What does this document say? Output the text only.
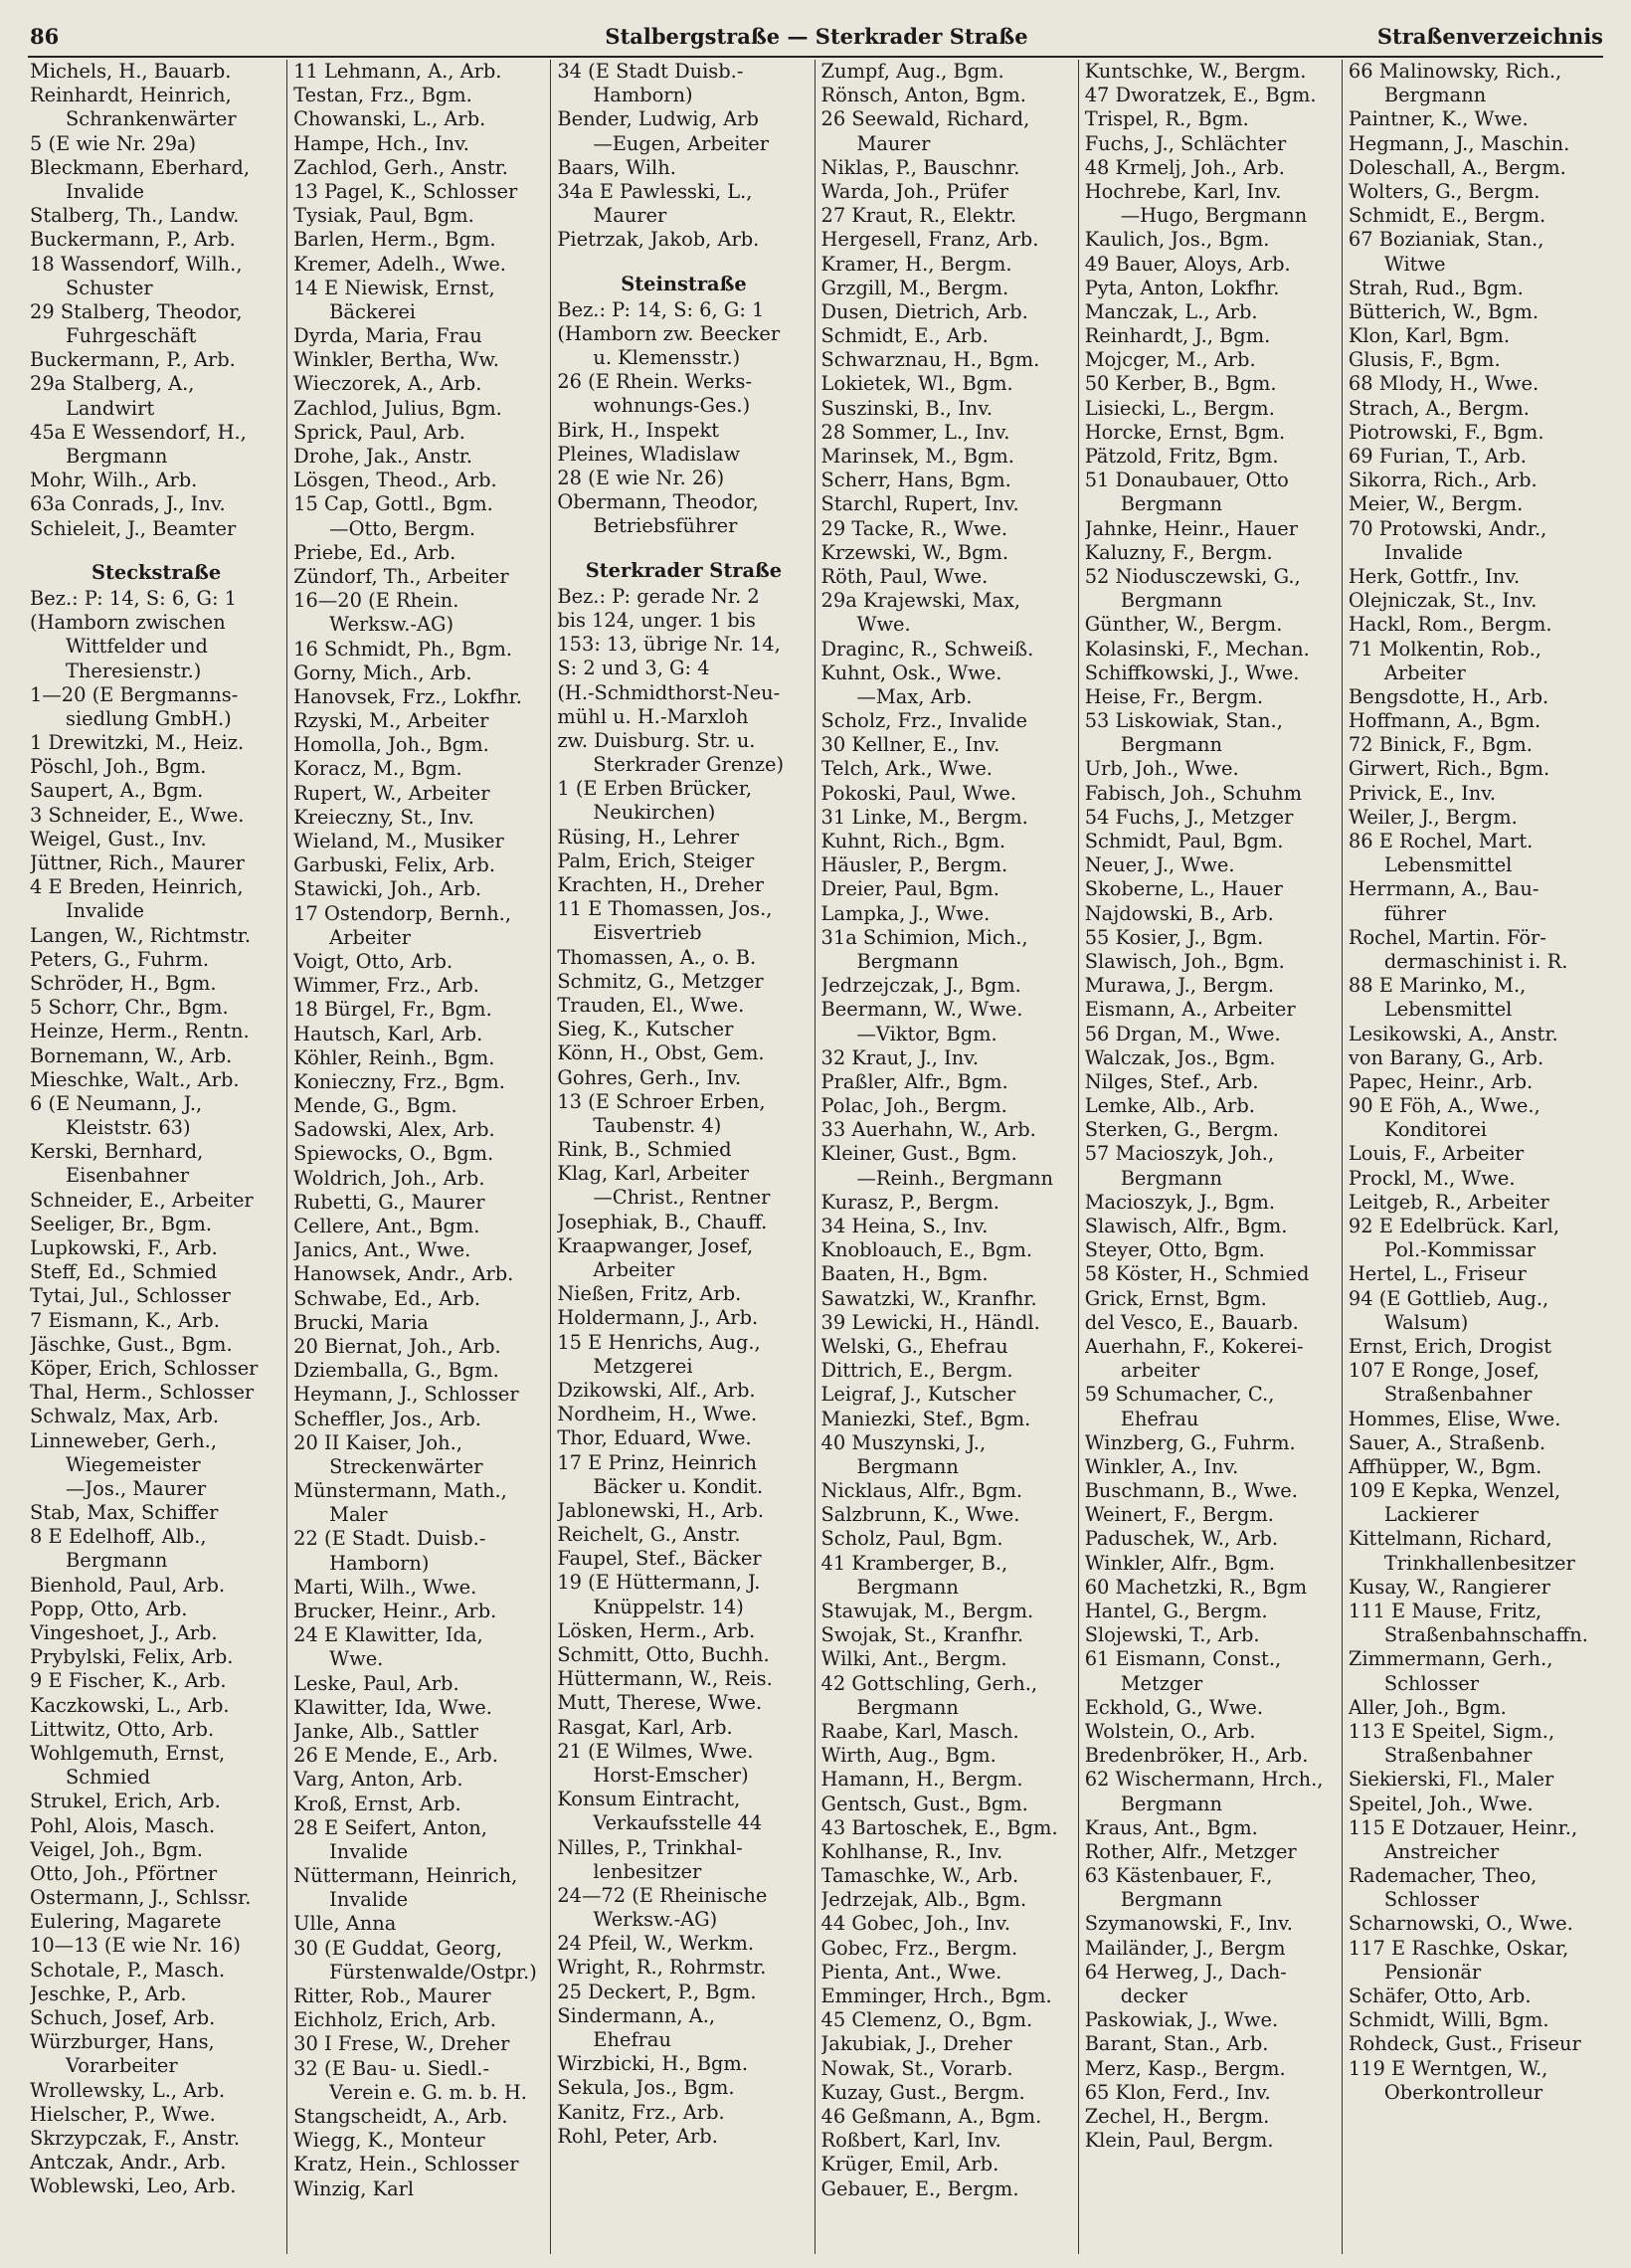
86	Stalbergstraße — Sterkrader Straße	Straßenverzeichnis
Michels, H., Bauarb.
Reinhardt, Heinrich,
Schrankenwärter
5 (E wie Nr. 29a)
Bleckmann, Eberhard,
Invalide
Stalberg, Th., Landw.
Buckermann, P., Arb.
18 Wassendorf, Wilh.,
Schuster
29 Stalberg, Theodor,
Fuhrgeschäft
Buckermann, P., Arb.
29a Stalberg, A.,
Landwirt
45a E Wessendorf, H.,
Bergmann
Mohr, Wilh., Arb.
63a Conrads, J., Inv.
Schieleit, J., Beamter
Steckstraße
Bez.: P: 14, S: 6, G: 1
(Hamborn zwischen
Wittfelder und
Theresienstr.)
1—20 (E Bergmanns-
siedlung GmbH.)
1 Drewitzki, M., Heiz.
Pöschl, Joh., Bgm.
Saupert, A., Bgm.
3 Schneider, E., Wwe.
Weigel, Gust., Inv.
Jüttner, Rich., Maurer
4 E Breden, Heinrich,
Invalide
Langen, W., Richtmstr.
Peters, G., Fuhrm.
Schröder, H., Bgm.
5 Schorr, Chr., Bgm.
Heinze, Herm., Rentn.
Bornemann, W., Arb.
Mieschke, Walt., Arb.
6 (E Neumann, J.,
Kleiststr. 63)
Kerski, Bernhard,
Eisenbahner
Schneider, E., Arbeiter
Seeliger, Br., Bgm.
Lupkowski, F., Arb.
Steff, Ed., Schmied
Tytai, Jul., Schlosser
7 Eismann, K., Arb.
Jäschke, Gust., Bgm.
Köper, Erich, Schlosser
Thal, Herm., Schlosser
Schwalz, Max, Arb.
Linneweber, Gerh.,
Wiegemeister
—Jos., Maurer
Stab, Max, Schiffer
8 E Edelhoff, Alb.,
Bergmann
Bienhold, Paul, Arb.
Popp, Otto, Arb.
Vingeshoet, J., Arb.
Prybylski, Felix, Arb.
9 E Fischer, K., Arb.
Kaczkowski, L., Arb.
Littwitz, Otto, Arb.
Wohlgemuth, Ernst,
Schmied
Strukel, Erich, Arb.
Pohl, Alois, Masch.
Veigel, Joh., Bgm.
Otto, Joh., Pförtner
Ostermann, J., Schlssr.
Eulering, Magarete
10—13 (E wie Nr. 16)
Schotale, P., Masch.
Jeschke, P., Arb.
Schuch, Josef, Arb.
Würzburger, Hans,
Vorarbeiter
Wrollewsky, L., Arb.
Hielscher, P., Wwe.
Skrzypczak, F., Anstr.
Antczak, Andr., Arb.
Woblewski, Leo, Arb.
11 Lehmann, A., Arb.
Testan, Frz., Bgm.
Chowanski, L., Arb.
Hampe, Hch., Inv.
Zachlod, Gerh., Anstr.
13 Pagel, K., Schlosser
Tysiak, Paul, Bgm.
Barlen, Herm., Bgm.
Kremer, Adelh., Wwe.
14 E Niewisk, Ernst,
Bäckerei
Dyrda, Maria, Frau
Winkler, Bertha, Ww.
Wieczorek, A., Arb.
Zachlod, Julius, Bgm.
Sprick, Paul, Arb.
Drohe, Jak., Anstr.
Lösgen, Theod., Arb.
15 Cap, Gottl., Bgm.
—Otto, Bergm.
Priebe, Ed., Arb.
Zündorf, Th., Arbeiter
16—20 (E Rhein.
Werksw.-AG)
16 Schmidt, Ph., Bgm.
Gorny, Mich., Arb.
Hanovsek, Frz., Lokfhr.
Rzyski, M., Arbeiter
Homolla, Joh., Bgm.
Koracz, M., Bgm.
Rupert, W., Arbeiter
Kreieczny, St., Inv.
Wieland, M., Musiker
Garbuski, Felix, Arb.
Stawicki, Joh., Arb.
17 Ostendorp, Bernh.,
Arbeiter
Voigt, Otto, Arb.
Wimmer, Frz., Arb.
18 Bürgel, Fr., Bgm.
Hautsch, Karl, Arb.
Köhler, Reinh., Bgm.
Konieczny, Frz., Bgm.
Mende, G., Bgm.
Sadowski, Alex, Arb.
Spiewocks, O., Bgm.
Woldrich, Joh., Arb.
Rubetti, G., Maurer
Cellere, Ant., Bgm.
Janics, Ant., Wwe.
Hanowsek, Andr., Arb.
Schwabe, Ed., Arb.
Brucki, Maria
20 Biernat, Joh., Arb.
Dziemballa, G., Bgm.
Heymann, J., Schlosser
Scheffler, Jos., Arb.
20 II Kaiser, Joh.,
Streckenwärter
Münstermann, Math.,
Maler
22 (E Stadt. Duisb.-
Hamborn)
Marti, Wilh., Wwe.
Brucker, Heinr., Arb.
24 E Klawitter, Ida,
Wwe.
Leske, Paul, Arb.
Klawitter, Ida, Wwe.
Janke, Alb., Sattler
26 E Mende, E., Arb.
Varg, Anton, Arb.
Kroß, Ernst, Arb.
28 E Seifert, Anton,
Invalide
Nüttermann, Heinrich,
Invalide
Ulle, Anna
30 (E Guddat, Georg,
Fürstenwalde/Ostpr.)
Ritter, Rob., Maurer
Eichholz, Erich, Arb.
30 I Frese, W., Dreher
32 (E Bau- u. Siedl.-
Verein e. G. m. b. H.
Stangscheidt, A., Arb.
Wiegg, K., Monteur
Kratz, Hein., Schlosser
Winzig, Karl
34 (E Stadt Duisb.-
Hamborn)
Bender, Ludwig, Arb
—Eugen, Arbeiter
Baars, Wilh.
34a E Pawlesski, L.,
Maurer
Pietrzak, Jakob, Arb.
Steinstraße
Bez.: P: 14, S: 6, G: 1
(Hamborn zw. Beecker
u. Klemensstr.)
26 (E Rhein. Werks-
wohnungs-Ges.)
Birk, H., Inspekt
Pleines, Wladislaw
28 (E wie Nr. 26)
Obermann, Theodor,
Betriebsführer
Sterkrader Straße
Bez.: P: gerade Nr. 2
bis 124, unger. 1 bis
153: 13, übrige Nr. 14,
S: 2 und 3, G: 4
(H.-Schmidthorst-Neu-
mühl u. H.-Marxloh
zw. Duisburg. Str. u.
Sterkrader Grenze)
1 (E Erben Brücker,
Neukirchen)
Rüsing, H., Lehrer
Palm, Erich, Steiger
Krachten, H., Dreher
11 E Thomassen, Jos.,
Eisvertrieb
Thomassen, A., o. B.
Schmitz, G., Metzger
Trauden, El., Wwe.
Sieg, K., Kutscher
Könn, H., Obst, Gem.
Gohres, Gerh., Inv.
13 (E Schroer Erben,
Taubenstr. 4)
Rink, B., Schmied
Klag, Karl, Arbeiter
—Christ., Rentner
Josephiak, B., Chauff.
Kraapwanger, Josef,
Arbeiter
Nießen, Fritz, Arb.
Holdermann, J., Arb.
15 E Henrichs, Aug.,
Metzgerei
Dzikowski, Alf., Arb.
Nordheim, H., Wwe.
Thor, Eduard, Wwe.
17 E Prinz, Heinrich
Bäcker u. Kondit.
Jablonewski, H., Arb.
Reichelt, G., Anstr.
Faupel, Stef., Bäcker
19 (E Hüttermann, J.
Knüppelstr. 14)
Lösken, Herm., Arb.
Schmitt, Otto, Buchh.
Hüttermann, W., Reis.
Mutt, Therese, Wwe.
Rasgat, Karl, Arb.
21 (E Wilmes, Wwe.
Horst-Emscher)
Konsum Eintracht,
Verkaufsstelle 44
Nilles, P., Trinkhal-
lenbesitzer
24—72 (E Rheinische
Werksw.-AG)
24 Pfeil, W., Werkm.
Wright, R., Rohrmstr.
25 Deckert, P., Bgm.
Sindermann, A.,
Ehefrau
Wirzbicki, H., Bgm.
Sekula, Jos., Bgm.
Kanitz, Frz., Arb.
Rohl, Peter, Arb.
Zumpf, Aug., Bgm.
Rönsch, Anton, Bgm.
26 Seewald, Richard,
Maurer
Niklas, P., Bauschnr.
Warda, Joh., Prüfer
27 Kraut, R., Elektr.
Hergesell, Franz, Arb.
Kramer, H., Bergm.
Grzgill, M., Bergm.
Dusen, Dietrich, Arb.
Schmidt, E., Arb.
Schwarznau, H., Bgm.
Lokietek, Wl., Bgm.
Suszinski, B., Inv.
28 Sommer, L., Inv.
Marinsek, M., Bgm.
Scherr, Hans, Bgm.
Starchl, Rupert, Inv.
29 Tacke, R., Wwe.
Krzewski, W., Bgm.
Röth, Paul, Wwe.
29a Krajewski, Max,
Wwe.
Draginc, R., Schweiß.
Kuhnt, Osk., Wwe.
—Max, Arb.
Scholz, Frz., Invalide
30 Kellner, E., Inv.
Telch, Ark., Wwe.
Pokoski, Paul, Wwe.
31 Linke, M., Bergm.
Kuhnt, Rich., Bgm.
Häusler, P., Bergm.
Dreier, Paul, Bgm.
Lampka, J., Wwe.
31a Schimion, Mich.,
Bergmann
Jedrzejczak, J., Bgm.
Beermann, W., Wwe.
—Viktor, Bgm.
32 Kraut, J., Inv.
Praßler, Alfr., Bgm.
Polac, Joh., Bergm.
33 Auerhahn, W., Arb.
Kleiner, Gust., Bgm.
—Reinh., Bergmann
Kurasz, P., Bergm.
34 Heina, S., Inv.
Knobloauch, E., Bgm.
Baaten, H., Bgm.
Sawatzki, W., Kranfhr.
39 Lewicki, H., Händl.
Welski, G., Ehefrau
Dittrich, E., Bergm.
Leigraf, J., Kutscher
Maniezki, Stef., Bgm.
40 Muszynski, J.,
Bergmann
Nicklaus, Alfr., Bgm.
Salzbrunn, K., Wwe.
Scholz, Paul, Bgm.
41 Kramberger, B.,
Bergmann
Stawujak, M., Bergm.
Swojak, St., Kranfhr.
Wilki, Ant., Bergm.
42 Gottschling, Gerh.,
Bergmann
Raabe, Karl, Masch.
Wirth, Aug., Bgm.
Hamann, H., Bergm.
Gentsch, Gust., Bgm.
43 Bartoschek, E., Bgm.
Kohlhanse, R., Inv.
Tamaschke, W., Arb.
Jedrzejak, Alb., Bgm.
44 Gobec, Joh., Inv.
Gobec, Frz., Bergm.
Pienta, Ant., Wwe.
Emminger, Hrch., Bgm.
45 Clemenz, O., Bgm.
Jakubiak, J., Dreher
Nowak, St., Vorarb.
Kuzay, Gust., Bergm.
46 Geßmann, A., Bgm.
Roßbert, Karl, Inv.
Krüger, Emil, Arb.
Gebauer, E., Bergm.
Kuntschke, W., Bergm.
47 Dworatzek, E., Bgm.
Trispel, R., Bgm.
Fuchs, J., Schlächter
48 Krmelj, Joh., Arb.
Hochrebe, Karl, Inv.
—Hugo, Bergmann
Kaulich, Jos., Bgm.
49 Bauer, Aloys, Arb.
Pyta, Anton, Lokfhr.
Manczak, L., Arb.
Reinhardt, J., Bgm.
Mojcger, M., Arb.
50 Kerber, B., Bgm.
Lisiecki, L., Bergm.
Horcke, Ernst, Bgm.
Pätzold, Fritz, Bgm.
51 Donaubauer, Otto
Bergmann
Jahnke, Heinr., Hauer
Kaluzny, F., Bergm.
52 Niodusczewski, G.,
Bergmann
Günther, W., Bergm.
Kolasinski, F., Mechan.
Schiffkowski, J., Wwe.
Heise, Fr., Bergm.
53 Liskowiak, Stan.,
Bergmann
Urb, Joh., Wwe.
Fabisch, Joh., Schuhm
54 Fuchs, J., Metzger
Schmidt, Paul, Bgm.
Neuer, J., Wwe.
Skoberne, L., Hauer
Najdowski, B., Arb.
55 Kosier, J., Bgm.
Slawisch, Joh., Bgm.
Murawa, J., Bergm.
Eismann, A., Arbeiter
56 Drgan, M., Wwe.
Walczak, Jos., Bgm.
Nilges, Stef., Arb.
Lemke, Alb., Arb.
Sterken, G., Bergm.
57 Macioszyk, Joh.,
Bergmann
Macioszyk, J., Bgm.
Slawisch, Alfr., Bgm.
Steyer, Otto, Bgm.
58 Köster, H., Schmied
Grick, Ernst, Bgm.
del Vesco, E., Bauarb.
Auerhahn, F., Kokerei-
arbeiter
59 Schumacher, C.,
Ehefrau
Winzberg, G., Fuhrm.
Winkler, A., Inv.
Buschmann, B., Wwe.
Weinert, F., Bergm.
Paduschek, W., Arb.
Winkler, Alfr., Bgm.
60 Machetzki, R., Bgm
Hantel, G., Bergm.
Slojewski, T., Arb.
61 Eismann, Const.,
Metzger
Eckhold, G., Wwe.
Wolstein, O., Arb.
Bredenbröker, H., Arb.
62 Wischermann, Hrch.,
Bergmann
Kraus, Ant., Bgm.
Rother, Alfr., Metzger
63 Kästenbauer, F.,
Bergmann
Szymanowski, F., Inv.
Mailänder, J., Bergm
64 Herweg, J., Dach-
decker
Paskowiak, J., Wwe.
Barant, Stan., Arb.
Merz, Kasp., Bergm.
65 Klon, Ferd., Inv.
Zechel, H., Bergm.
Klein, Paul, Bergm.
66 Malinowsky, Rich.,
Bergmann
Paintner, K., Wwe.
Hegmann, J., Maschin.
Doleschall, A., Bergm.
Wolters, G., Bergm.
Schmidt, E., Bergm.
67 Bozianiak, Stan.,
Witwe
Strah, Rud., Bgm.
Bütterich, W., Bgm.
Klon, Karl, Bgm.
Glusis, F., Bgm.
68 Mlody, H., Wwe.
Strach, A., Bergm.
Piotrowski, F., Bgm.
69 Furian, T., Arb.
Sikorra, Rich., Arb.
Meier, W., Bergm.
70 Protowski, Andr.,
Invalide
Herk, Gottfr., Inv.
Olejniczak, St., Inv.
Hackl, Rom., Bergm.
71 Molkentin, Rob.,
Arbeiter
Bengsdotte, H., Arb.
Hoffmann, A., Bgm.
72 Binick, F., Bgm.
Girwert, Rich., Bgm.
Privick, E., Inv.
Weiler, J., Bergm.
86 E Rochel, Mart.
Lebensmittel
Herrmann, A., Bau-
führer
Rochel, Martin. För-
dermaschinist i. R.
88 E Marinko, M.,
Lebensmittel
Lesikowski, A., Anstr.
von Barany, G., Arb.
Papec, Heinr., Arb.
90 E Föh, A., Wwe.,
Konditorei
Louis, F., Arbeiter
Prockl, M., Wwe.
Leitgeb, R., Arbeiter
92 E Edelbrück. Karl,
Pol.-Kommissar
Hertel, L., Friseur
94 (E Gottlieb, Aug.,
Walsum)
Ernst, Erich, Drogist
107 E Ronge, Josef,
Straßenbahner
Hommes, Elise, Wwe.
Sauer, A., Straßenb.
Affhüpper, W., Bgm.
109 E Kepka, Wenzel,
Lackierer
Kittelmann, Richard,
Trinkhallenbesitzer
Kusay, W., Rangierer
111 E Mause, Fritz,
Straßenbahnschaffn.
Zimmermann, Gerh.,
Schlosser
Aller, Joh., Bgm.
113 E Speitel, Sigm.,
Straßenbahner
Siekierski, Fl., Maler
Speitel, Joh., Wwe.
115 E Dotzauer, Heinr.,
Anstreicher
Rademacher, Theo,
Schlosser
Scharnowski, O., Wwe.
117 E Raschke, Oskar,
Pensionär
Schäfer, Otto, Arb.
Schmidt, Willi, Bgm.
Rohdeck, Gust., Friseur
119 E Werntgen, W.,
Oberkontrolleur
